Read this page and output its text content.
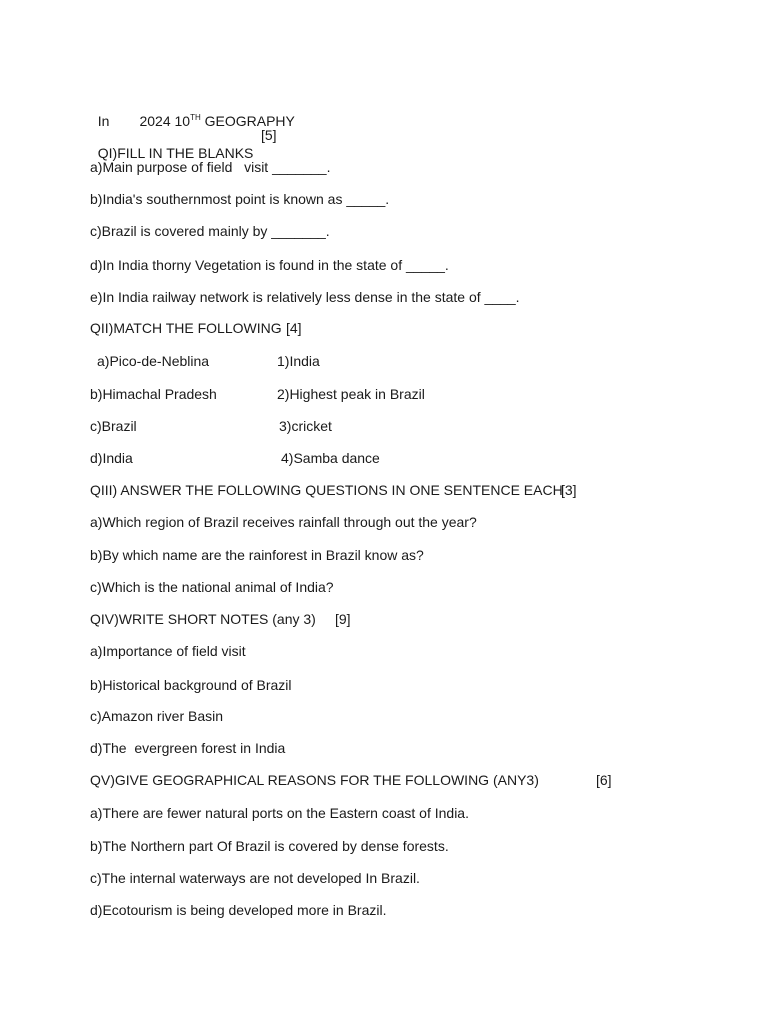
In 2024 10TH GEOGRAPHY

QI)FILL IN THE BLANKS

[5]
a)Main purpose of field   visit _______.
b)India's southernmost point is known as _____.
c)Brazil is covered mainly by _______.
d)In India thorny Vegetation is found in the state of _____.
e)In India railway network is relatively less dense in the state of ____.
QII)MATCH THE FOLLOWING [4]
a)Pico-de-Neblina	1)India
b)Himachal Pradesh	2)Highest peak in Brazil
c)Brazil	3)cricket
d)India	4)Samba dance
QIII) ANSWER THE FOLLOWING QUESTIONS IN ONE SENTENCE EACH
[3]
a)Which region of Brazil receives rainfall through out the year?
b)By which name are the rainforest in Brazil know as?
c)Which is the national animal of India?
QIV)WRITE SHORT NOTES (any 3) [9]
a)Importance of field visit
b)Historical background of Brazil
c)Amazon river Basin
d)The  evergreen forest in India
QV)GIVE GEOGRAPHICAL REASONS FOR THE FOLLOWING (ANY3)	[6]
a)There are fewer natural ports on the Eastern coast of India.
b)The Northern part Of Brazil is covered by dense forests.
c)The internal waterways are not developed In Brazil.
d)Ecotourism is being developed more in Brazil.
